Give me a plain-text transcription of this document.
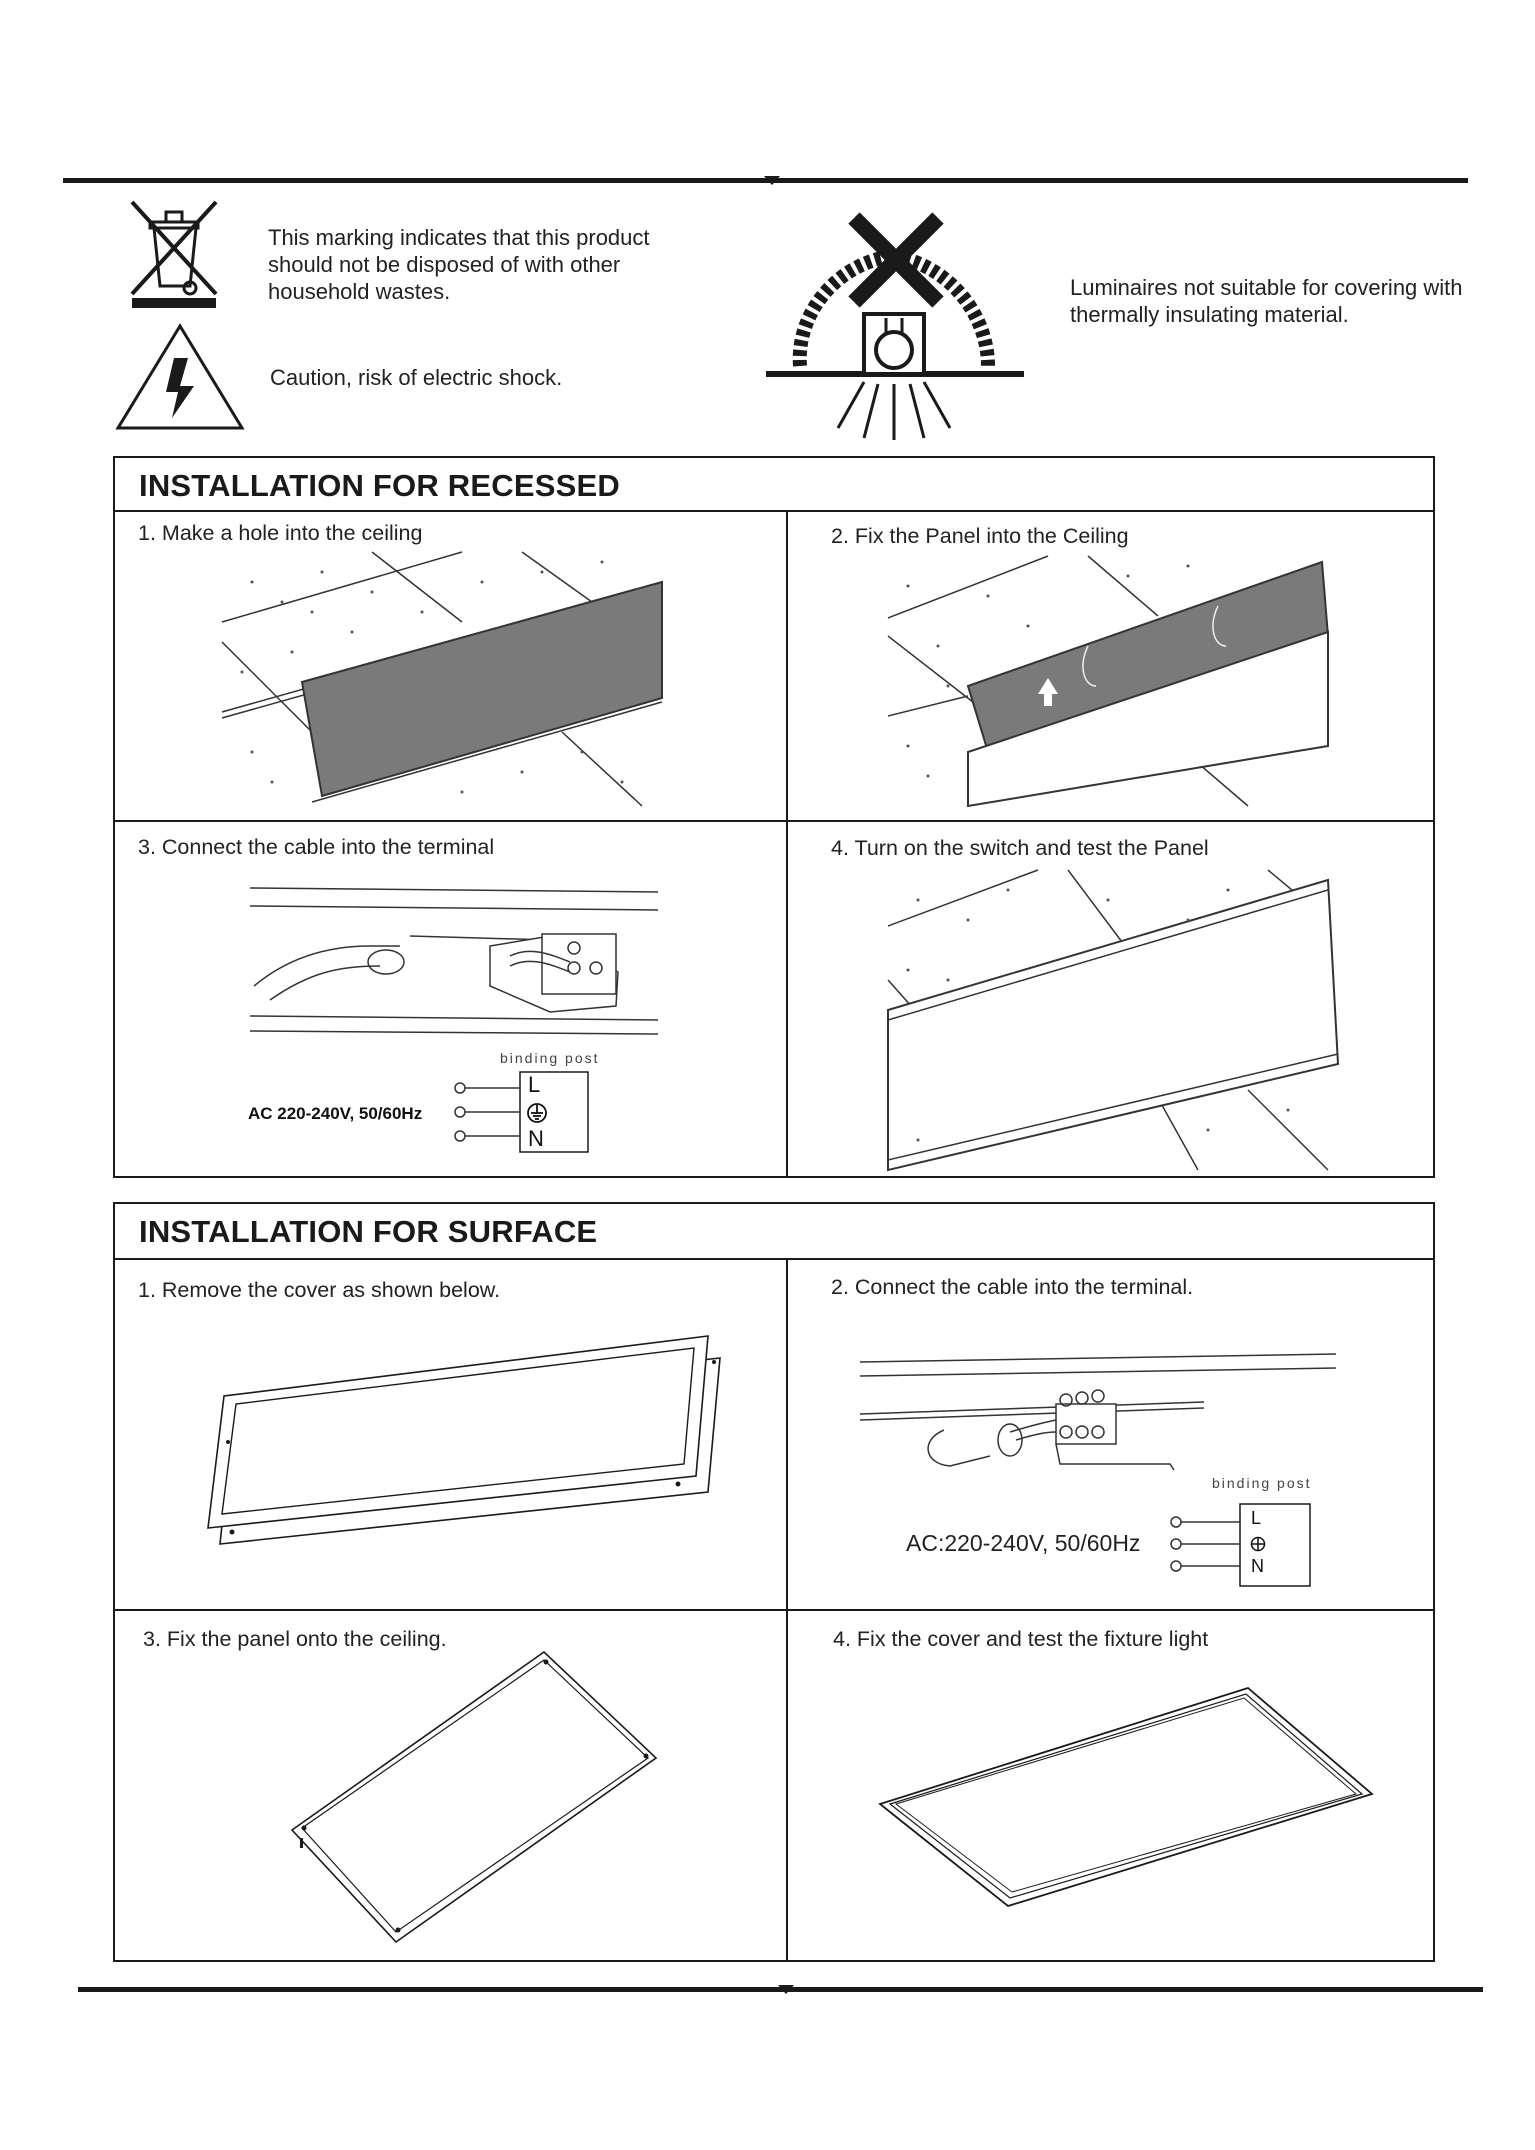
This marking indicates that this product should not be disposed of with other household wastes.
Caution, risk of electric shock.
Luminaires not suitable for covering with thermally insulating material.
INSTALLATION FOR RECESSED
1. Make a hole into the ceiling	2. Fix the Panel into the Ceiling
3. Connect the cable into the terminal	4. Turn on the switch and test the Panel
binding post
AC 220-240V, 50/60Hz
L
N
INSTALLATION FOR SURFACE
1. Remove the cover as shown below.	2. Connect the cable into the terminal.
3. Fix the panel onto the ceiling.	4. Fix the cover and test the fixture light
binding post
AC:220-240V, 50/60Hz
L
N
